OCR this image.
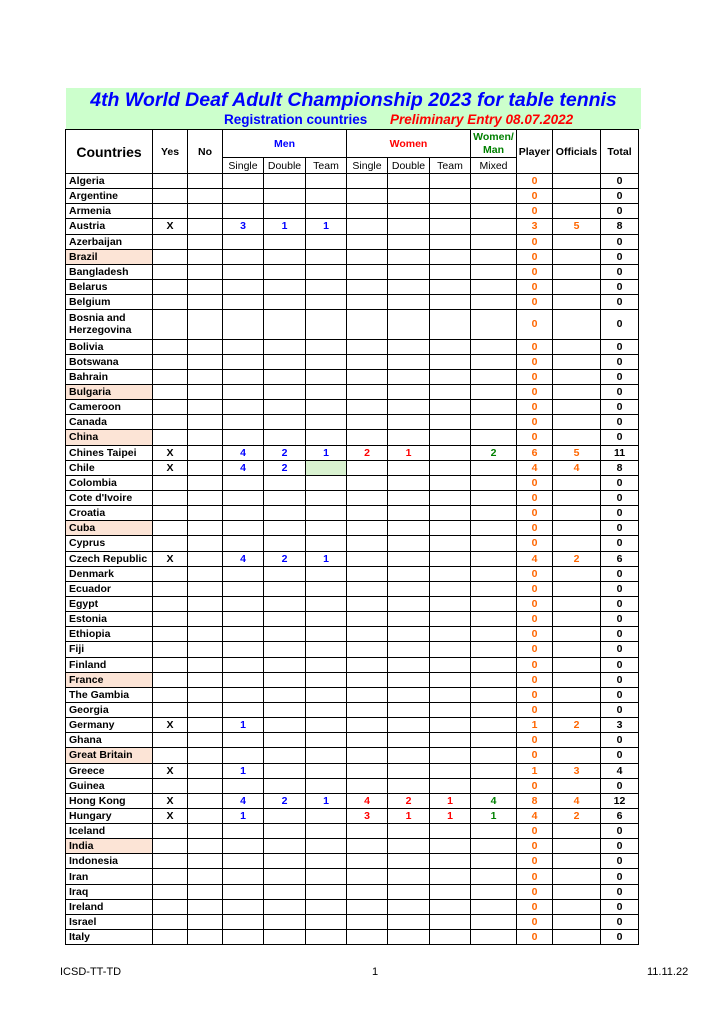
4th World Deaf Adult Championship 2023 for table tennis
Registration countries Preliminary Entry 08.07.2022
Countries	Yes	No	Men			Women			Women/
Man	Player	Officials	Total
			Single	Double	Team	Single	Double	Team	Mixed			
Algeria										0		0
Argentine										0		0
Armenia										0		0
Austria	X		3	1	1					3	5	8
Azerbaijan										0		0
Brazil										0		0
Bangladesh										0		0
Belarus										0		0
Belgium										0		0
Bosnia and Herzegovina										0		0
Bolivia										0		0
Botswana										0		0
Bahrain										0		0
Bulgaria										0		0
Cameroon										0		0
Canada										0		0
China										0		0
Chines Taipei	X		4	2	1	2	1		2	6	5	11
Chile	X		4	2						4	4	8
Colombia										0		0
Cote d'Ivoire										0		0
Croatia										0		0
Cuba										0		0
Cyprus										0		0
Czech Republic	X		4	2	1					4	2	6
Denmark										0		0
Ecuador										0		0
Egypt										0		0
Estonia										0		0
Ethiopia										0		0
Fiji										0		0
Finland										0		0
France										0		0
The Gambia										0		0
Georgia										0		0
Germany	X		1							1	2	3
Ghana										0		0
Great Britain										0		0
Greece	X		1							1	3	4
Guinea										0		0
Hong Kong	X		4	2	1	4	2	1	4	8	4	12
Hungary	X		1			3	1	1	1	4	2	6
Iceland										0		0
India										0		0
Indonesia										0		0
Iran										0		0
Iraq										0		0
Ireland										0		0
Israel										0		0
Italy										0		0
ICSD-TT-TD	1	11.11.22
